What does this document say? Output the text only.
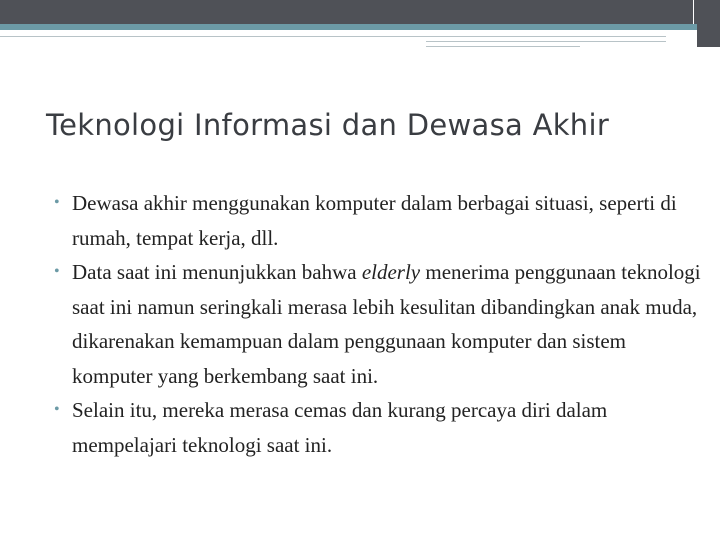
Teknologi Informasi dan Dewasa Akhir
• Dewasa akhir menggunakan komputer dalam berbagai situasi, seperti di rumah, tempat kerja, dll.
• Data saat ini menunjukkan bahwa elderly menerima penggunaan teknologi saat ini namun seringkali merasa lebih kesulitan dibandingkan anak muda, dikarenakan kemampuan dalam penggunaan komputer dan sistem komputer yang berkembang saat ini.
• Selain itu, mereka merasa cemas dan kurang percaya diri dalam mempelajari teknologi saat ini.
